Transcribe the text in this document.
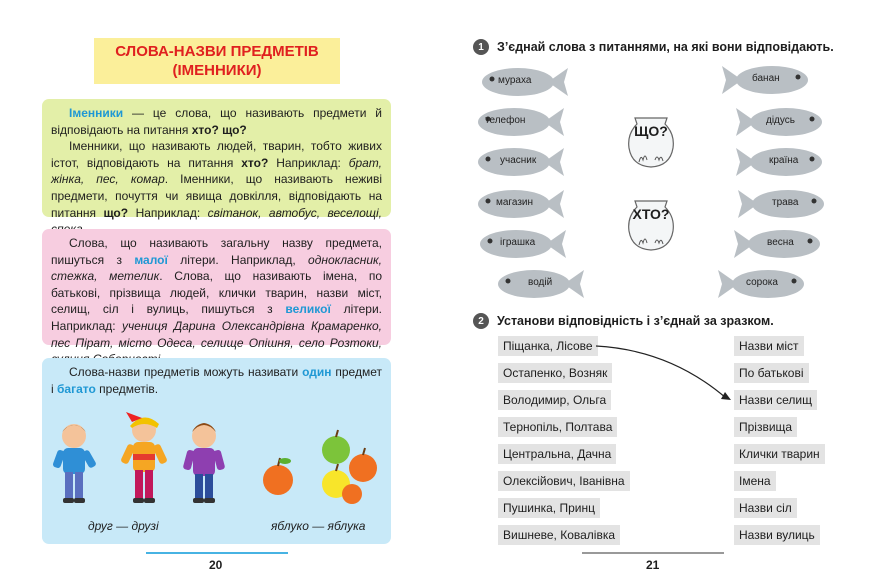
СЛОВА-НАЗВИ ПРЕДМЕТІВ
(ІМЕННИКИ)

Іменники — це слова, що називають предмети й відповідають на питання хто? що?

Іменники, що називають людей, тварин, тобто живих істот, відповідають на питання хто? Наприклад: брат, жінка, пес, комар. Іменники, що називають неживі предмети, почуття чи явища довкілля, відповідають на питання що? Наприклад: світанок, автобус, веселощі,

Слова, що називають загальну назву предмета, пишуться з малої літери. Наприклад, однокласник, стежка, метелик. Слова, що називають імена, по батькові, прізвища людей, клички тварин, назви міст, селищ, сіл і вулиць, пишуться з великої літери. Наприклад: учениця Дарина Олександрівна Крамаренко, пес Пірат, місто Одеса, селище Опішня, село Розтоки,

Слова-назви предметів можуть називати один предмет і багато предметів.

друг — друзі	яблуко — яблука
20
1	З’єднай слова з питаннями, на які вони відповідають.
мураха
телефон
учасник
магазин
іграшка
водій
банан
дідусь
країна
трава
весна
сорока
ЩО?
ХТО?
2	Установи відповідність і з’єднай за зразком.
Піщанка, Лісове
Остапенко, Возняк
Володимир, Ольга
Тернопіль, Полтава
Центральна, Дачна
Олексійович, Іванівна
Пушинка, Принц
Вишневе, Ковалівка
Назви міст
По батькові
Назви селищ
Прізвища
Клички тварин
Імена
Назви сіл
Назви вулиць
21
